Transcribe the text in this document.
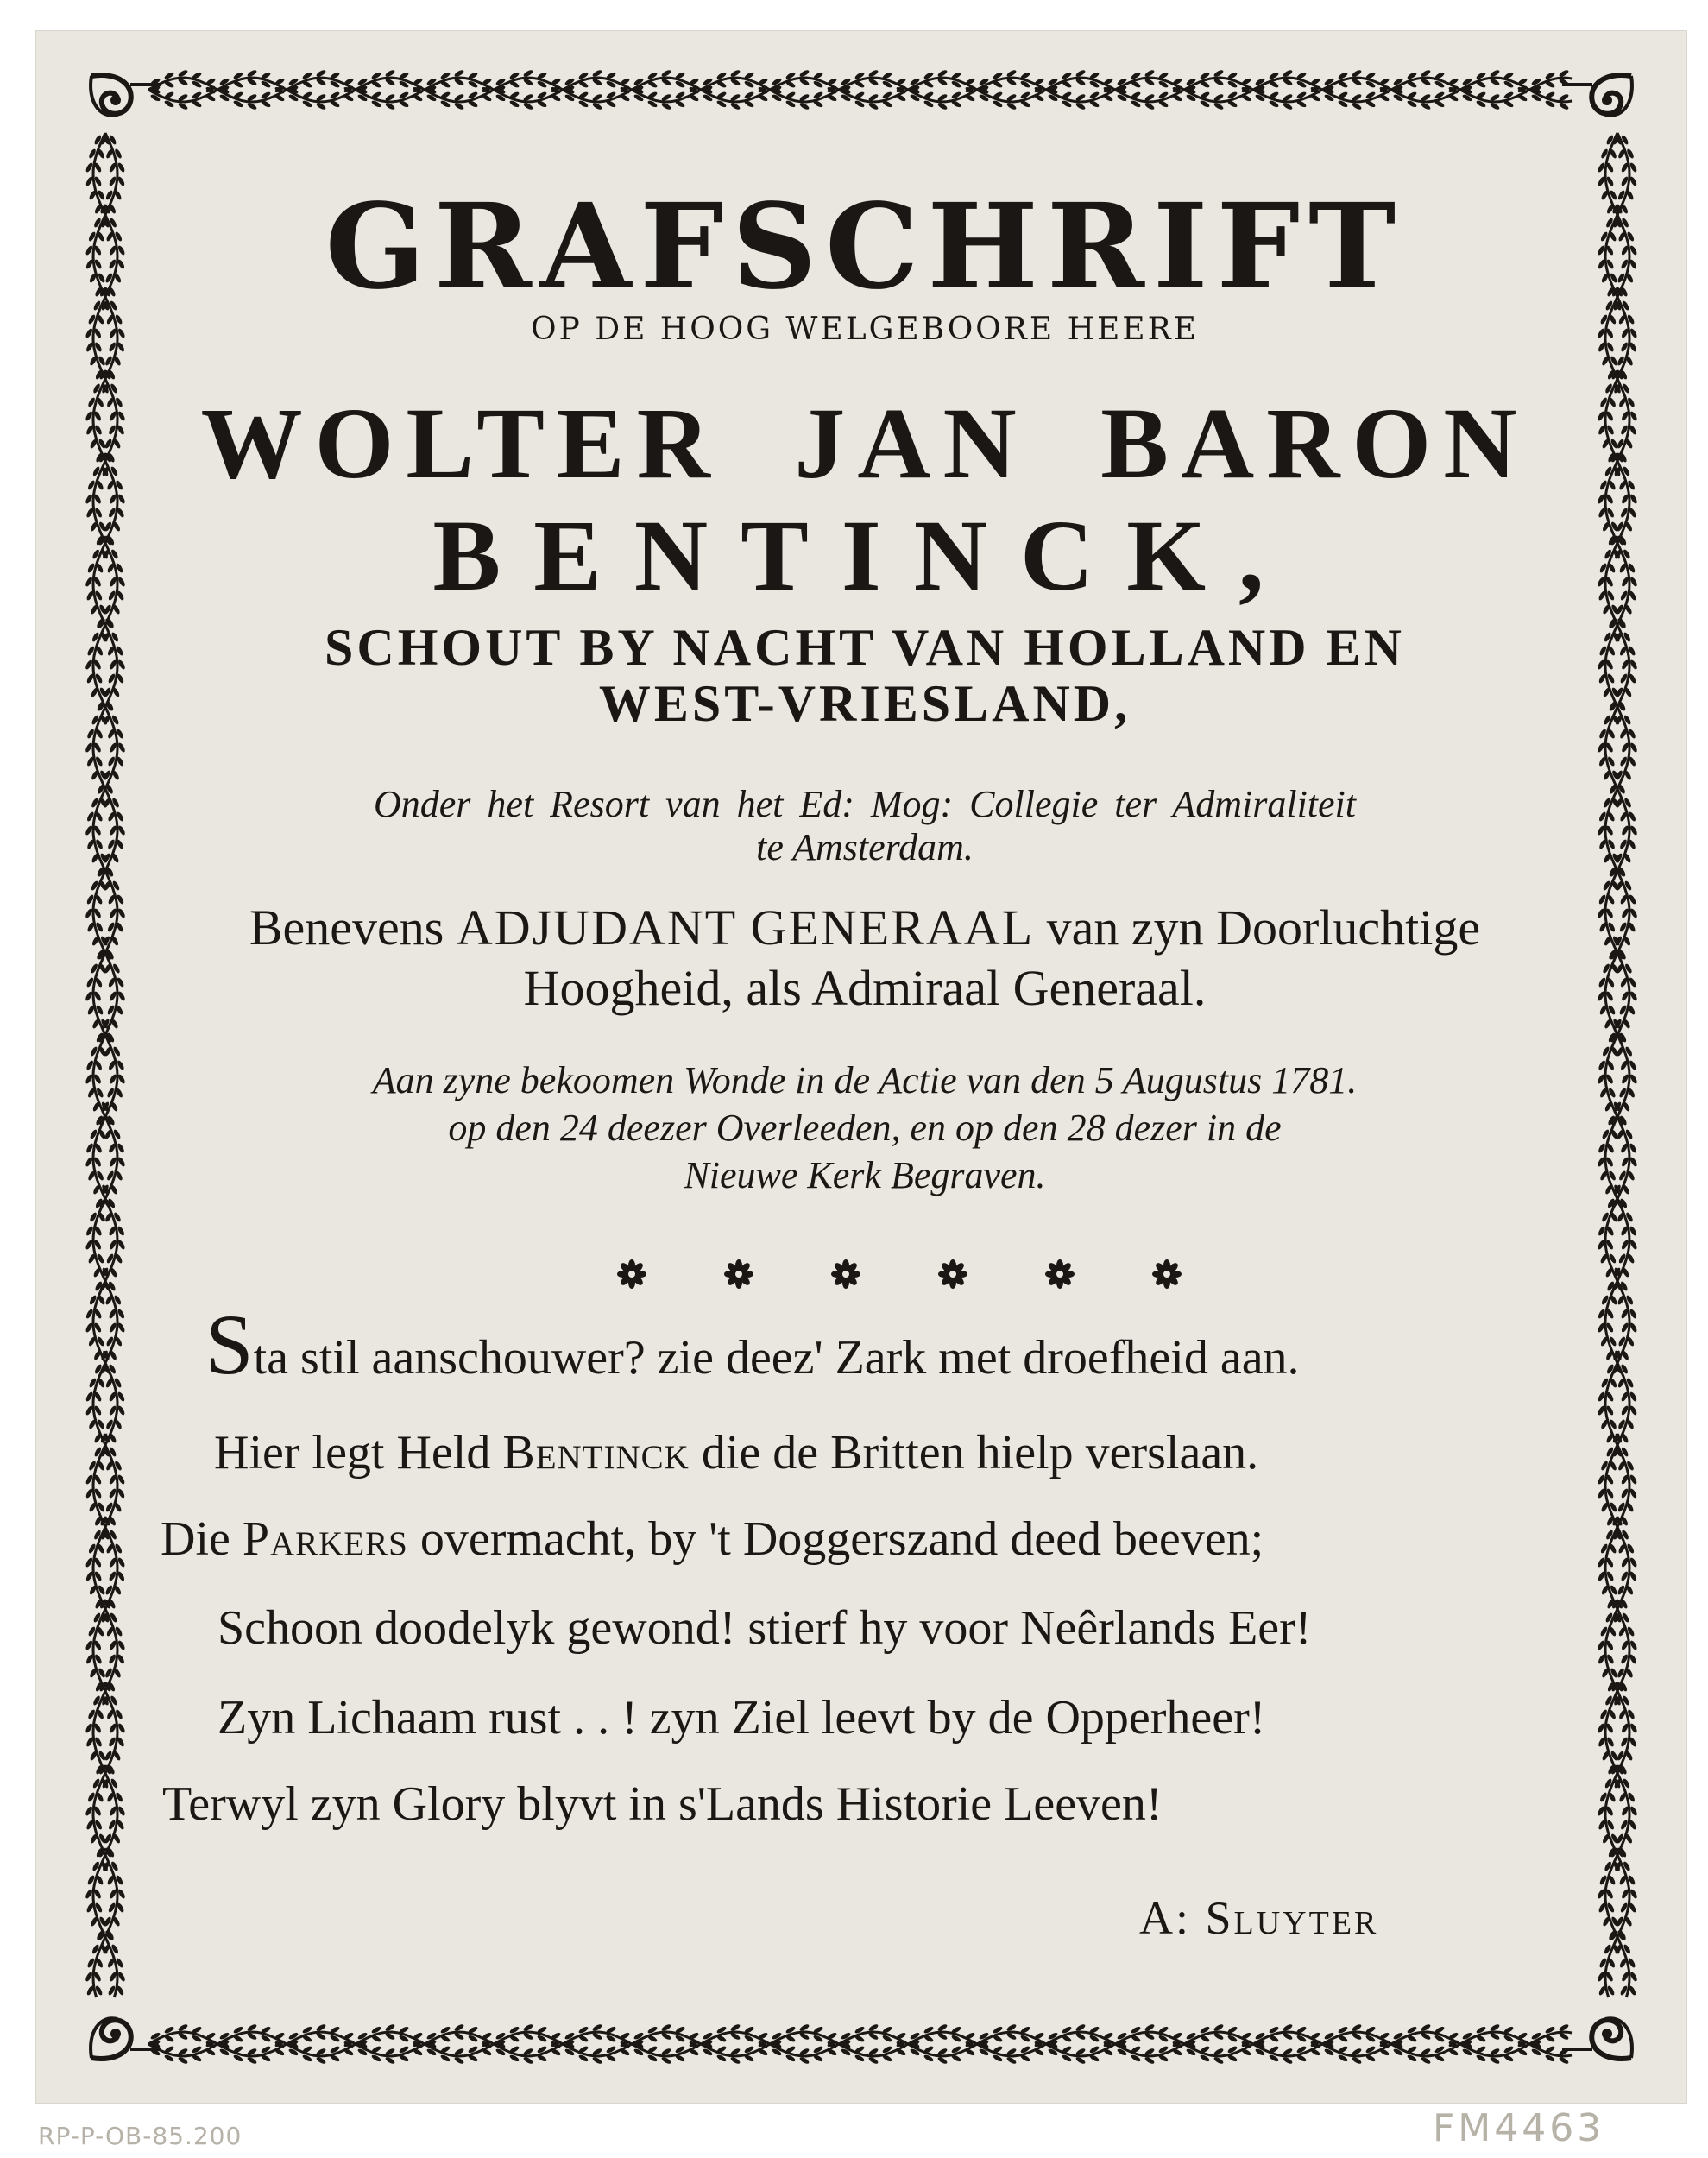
GRAFSCHRIFT
OP DE HOOG WELGEBOORE HEERE
WOLTER JAN BARON
BENTINCK,
SCHOUT BY NACHT VAN HOLLAND EN
WEST-VRIESLAND,
Onder het Resort van het Ed: Mog: Collegie ter Admiraliteit
te Amsterdam.
Benevens ADJUDANT GENERAAL van zyn Doorluchtige
Hoogheid, als Admiraal Generaal.
Aan zyne bekoomen Wonde in de Actie van den 5 Augustus 1781.
op den 24 deezer Overleeden, en op den 28 dezer in de
Nieuwe Kerk Begraven.
Sta stil aanschouwer? zie deez' Zark met droefheid aan.
Hier legt Held Bentinck die de Britten hielp verslaan.
Die Parkers overmacht, by 't Doggerszand deed beeven;
Schoon doodelyk gewond! stierf hy voor Neêrlands Eer!
Zyn Lichaam rust . . ! zyn Ziel leevt by de Opperheer!
Terwyl zyn Glory blyvt in s'Lands Historie Leeven!
A: Sluyter
RP-P-OB-85.200	FM4463
